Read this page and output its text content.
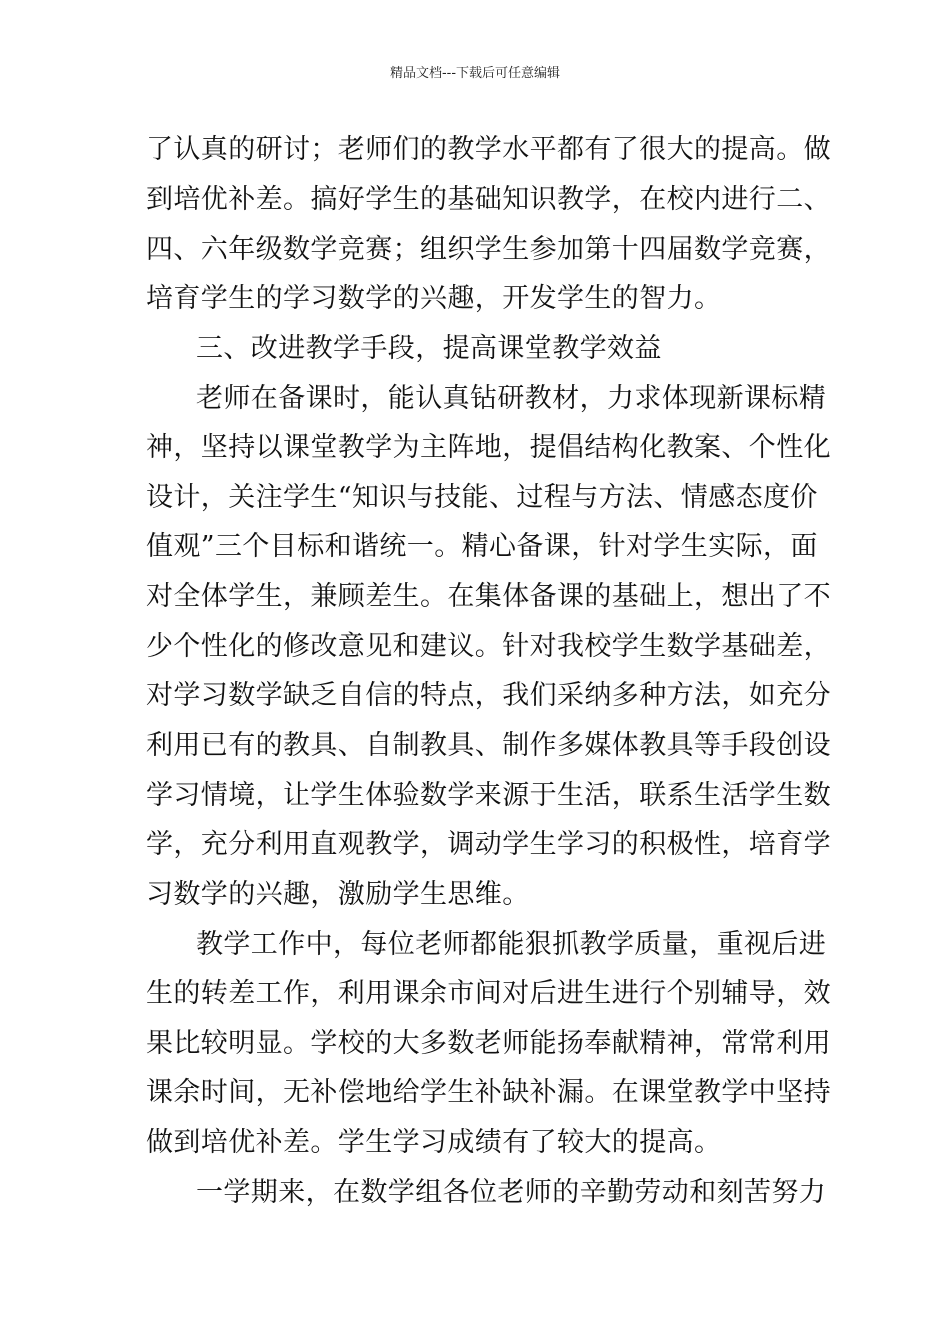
精品文档---下载后可任意编辑
了认真的研讨；老师们的教学水平都有了很大的提高。做
到培优补差。搞好学生的基础知识教学，在校内进行二、
四、六年级数学竞赛；组织学生参加第十四届数学竞赛，
培育学生的学习数学的兴趣，开发学生的智力。
三、改进教学手段，提高课堂教学效益
老师在备课时，能认真钻研教材，力求体现新课标精
神，坚持以课堂教学为主阵地，提倡结构化教案、个性化
设计，关注学生“知识与技能、过程与方法、情感态度价
值观”三个目标和谐统一。精心备课，针对学生实际，面
对全体学生，兼顾差生。在集体备课的基础上，想出了不
少个性化的修改意见和建议。针对我校学生数学基础差，
对学习数学缺乏自信的特点，我们采纳多种方法，如充分
利用已有的教具、自制教具、制作多媒体教具等手段创设
学习情境，让学生体验数学来源于生活，联系生活学生数
学，充分利用直观教学，调动学生学习的积极性，培育学
习数学的兴趣，激励学生思维。
教学工作中，每位老师都能狠抓教学质量，重视后进
生的转差工作，利用课余市间对后进生进行个别辅导，效
果比较明显。学校的大多数老师能扬奉献精神，常常利用
课余时间，无补偿地给学生补缺补漏。在课堂教学中坚持
做到培优补差。学生学习成绩有了较大的提高。
一学期来，在数学组各位老师的辛勤劳动和刻苦努力
